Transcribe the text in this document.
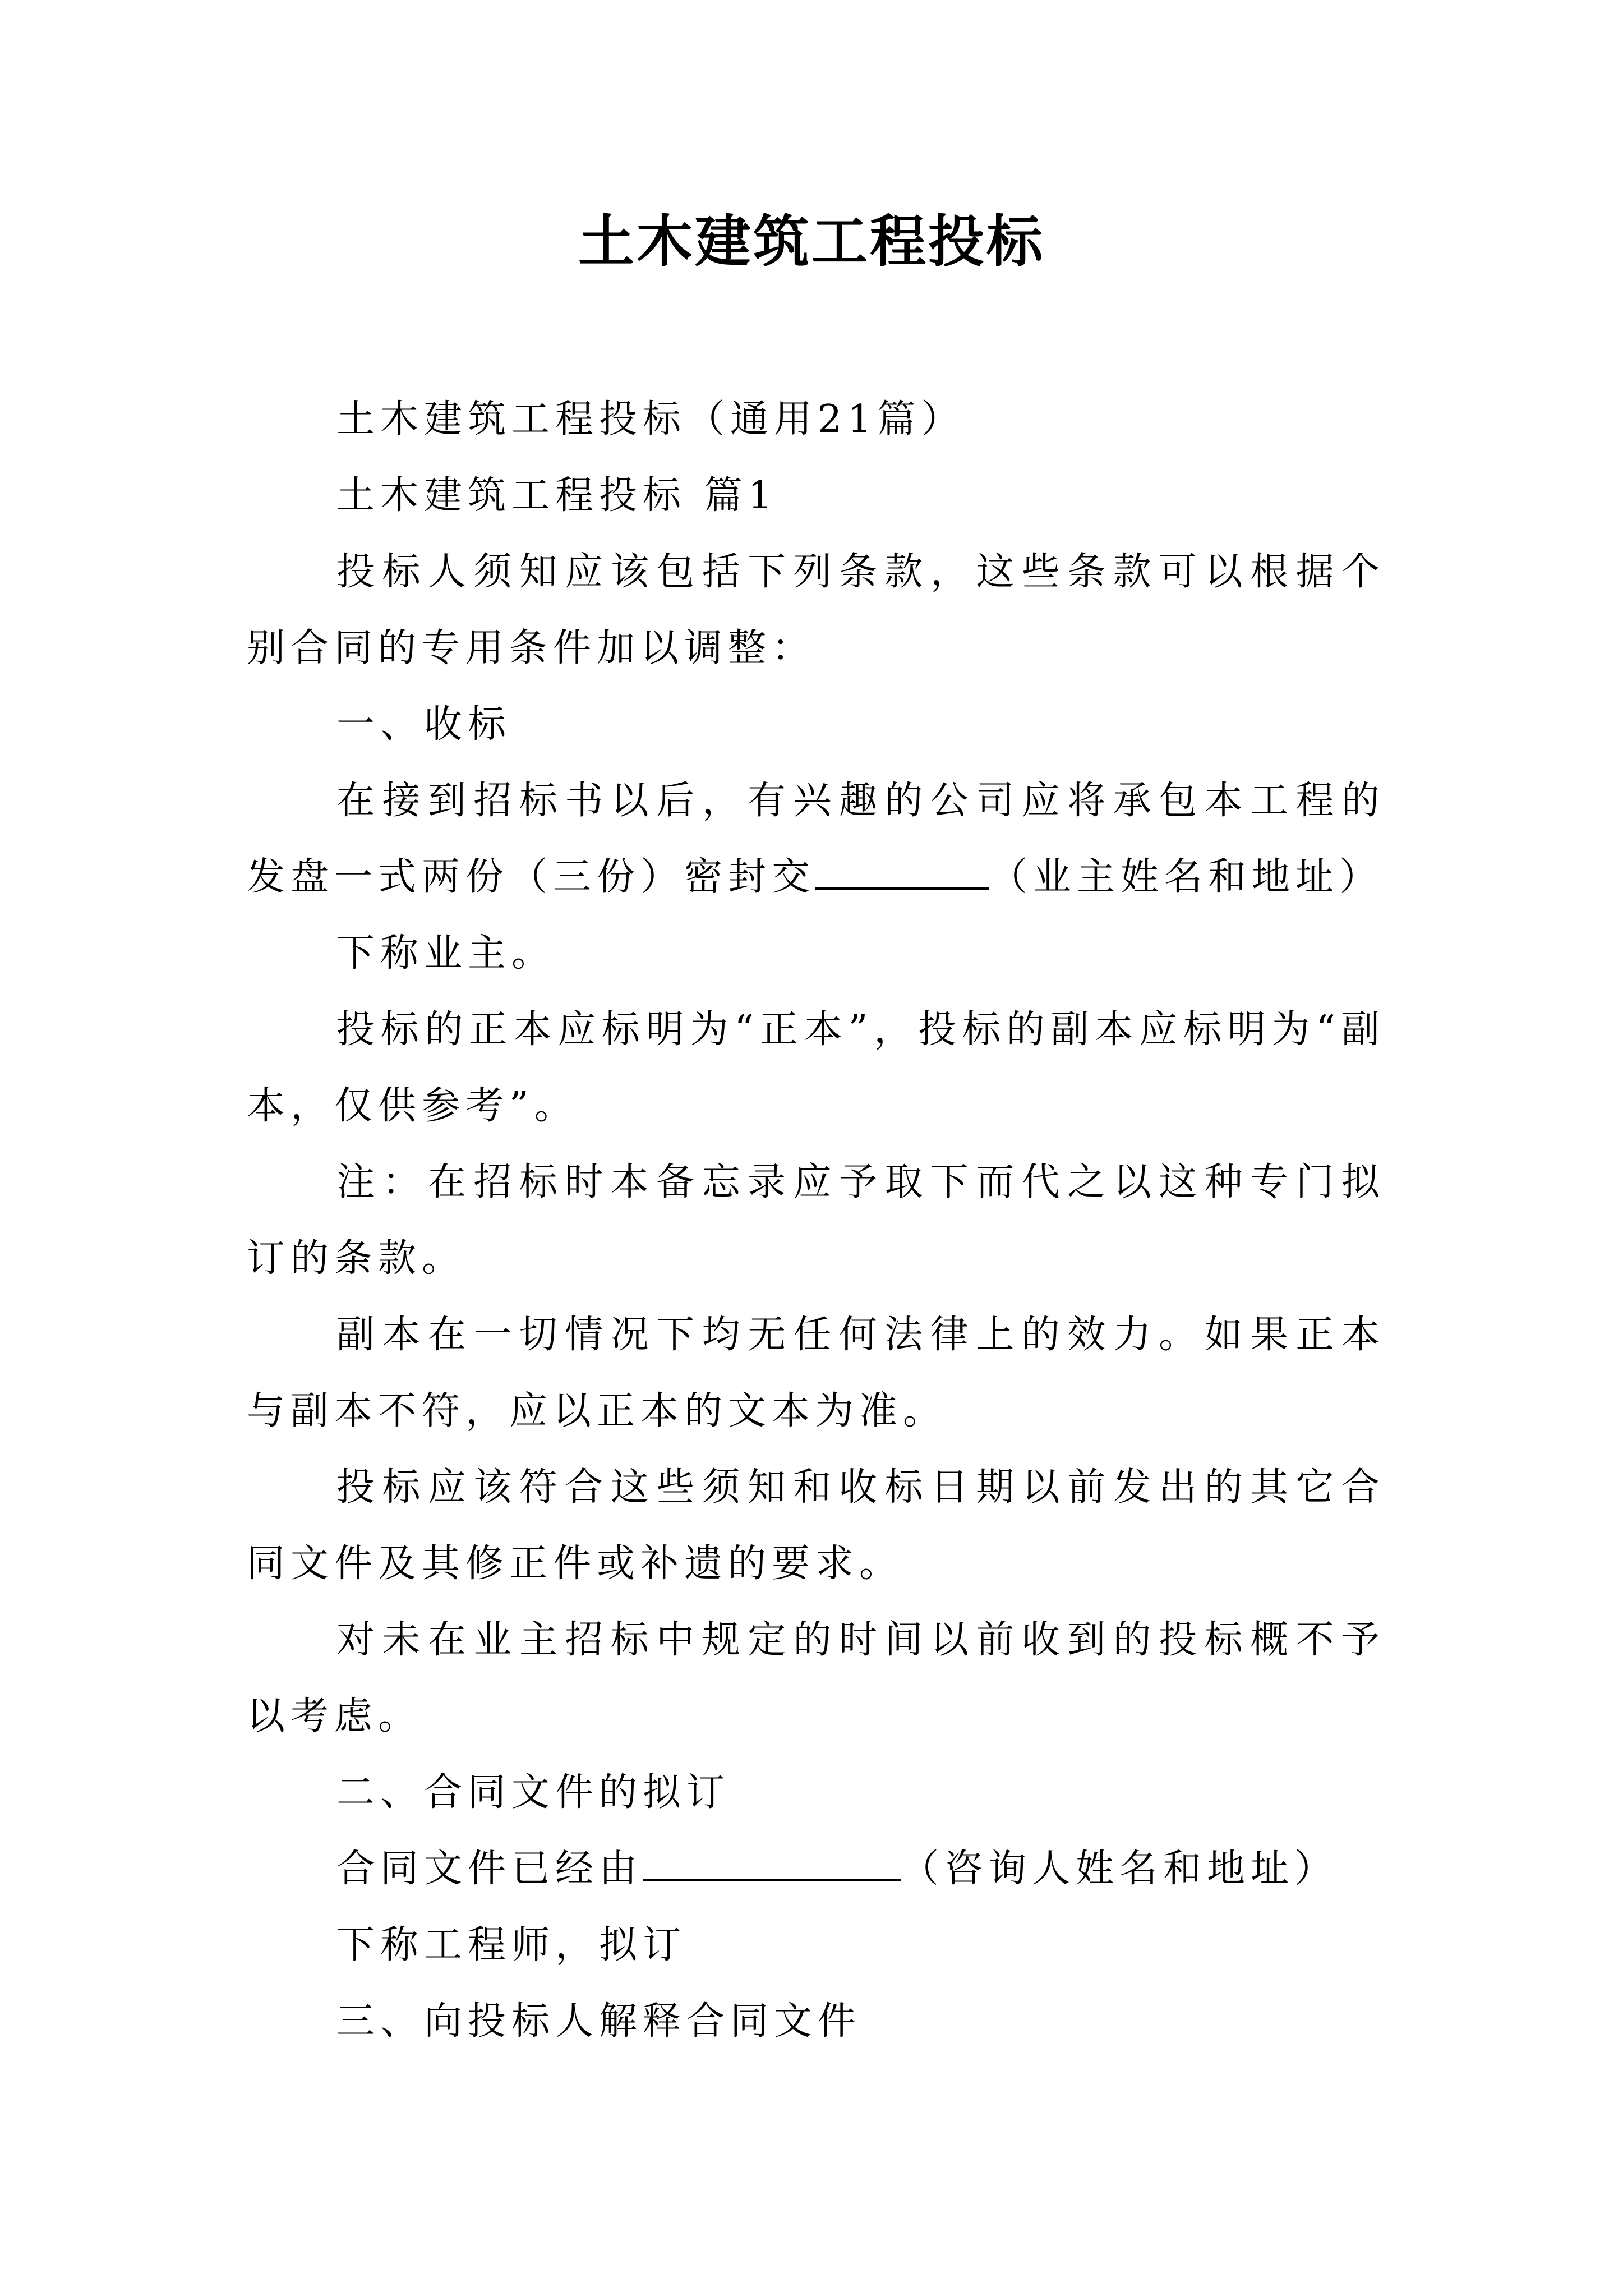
土木建筑工程投标

土木建筑工程投标（通用21篇）

土木建筑工程投标 篇1

投标人须知应该包括下列条款，这些条款可以根据个别合同的专用条件加以调整：

一、收标

在接到招标书以后，有兴趣的公司应将承包本工程的发盘一式两份（三份）密封交	（业主姓名和地址）

下称业主。

投标的正本应标明为“正本”，投标的副本应标明为“副本，仅供参考”。

注：在招标时本备忘录应予取下而代之以这种专门拟订的条款。

副本在一切情况下均无任何法律上的效力。如果正本与副本不符，应以正本的文本为准。

投标应该符合这些须知和收标日期以前发出的其它合同文件及其修正件或补遗的要求。

对未在业主招标中规定的时间以前收到的投标概不予以考虑。

二、合同文件的拟订

合同文件已经由	（咨询人姓名和地址）

下称工程师，拟订

三、向投标人解释合同文件
